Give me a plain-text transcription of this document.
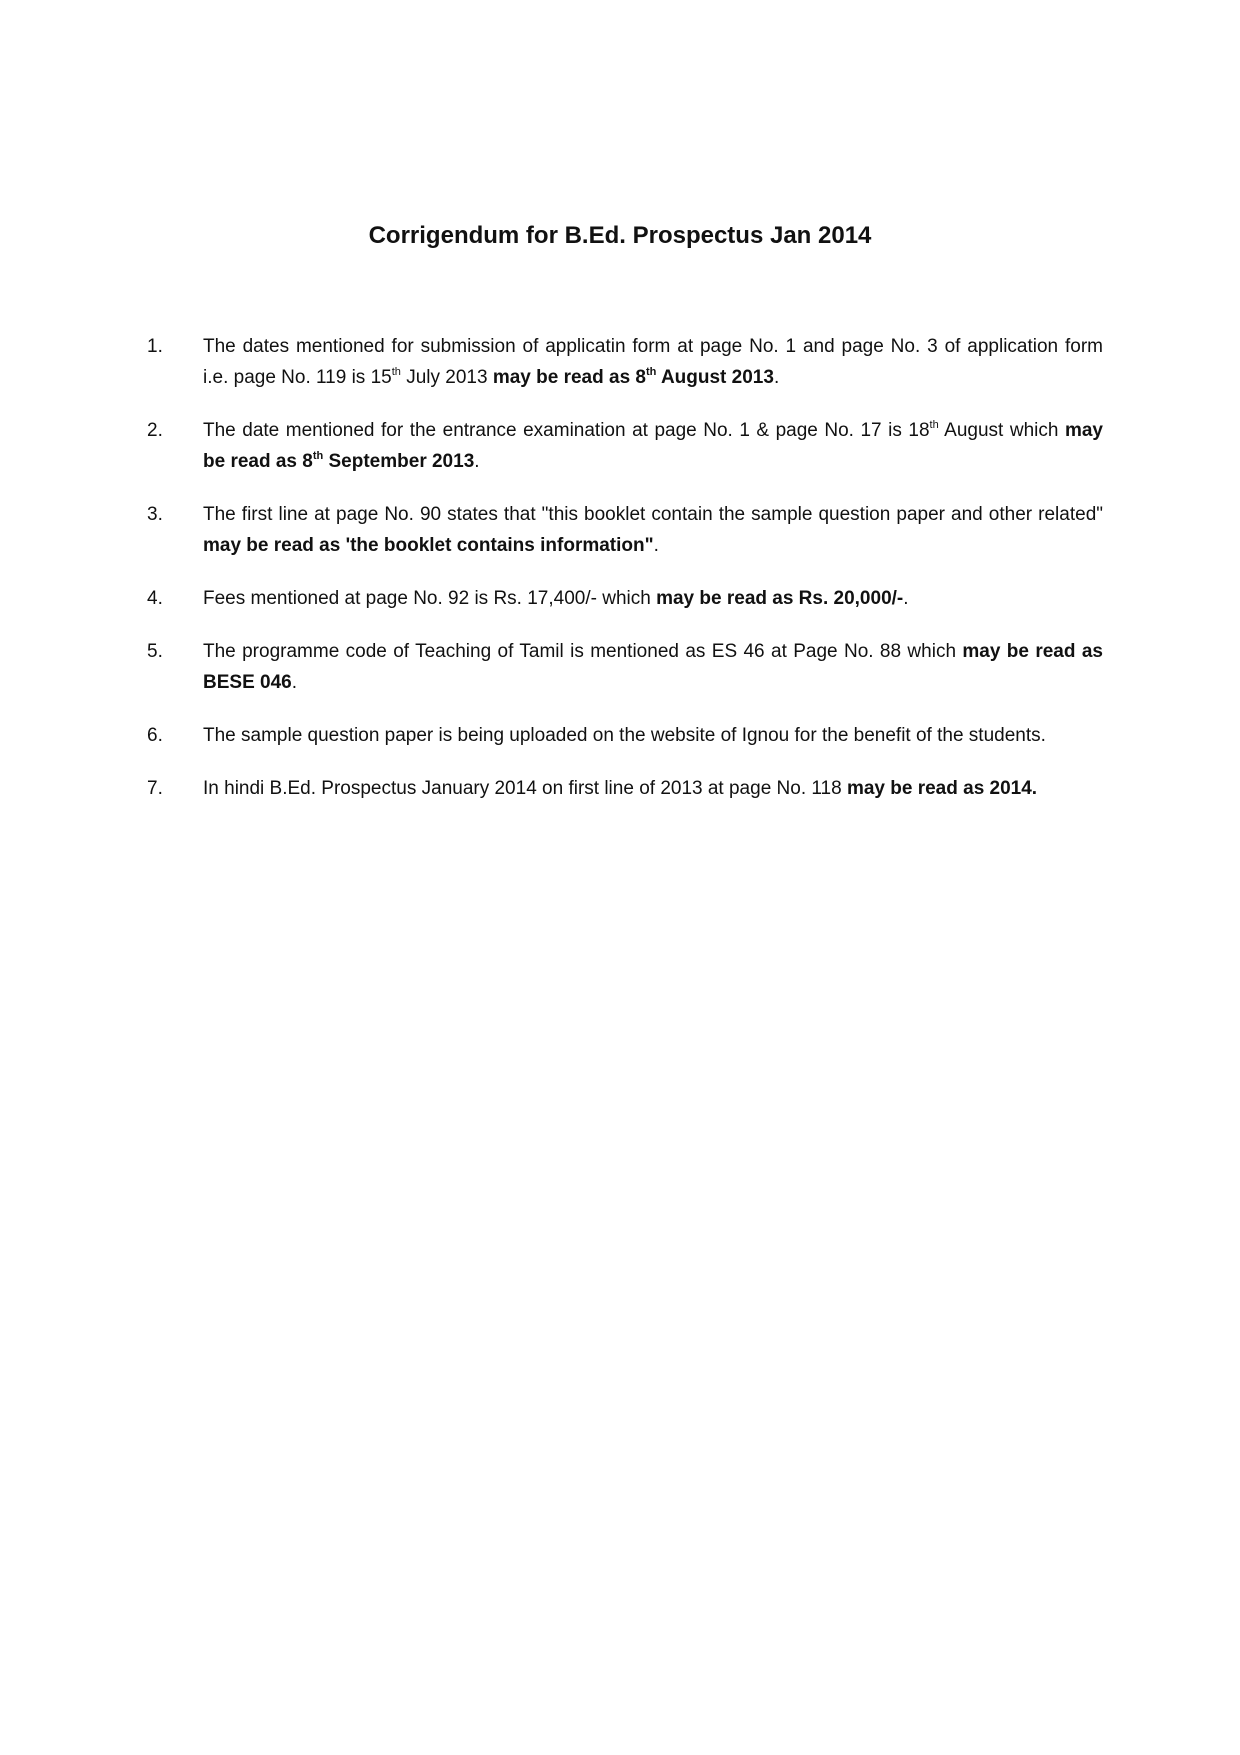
Corrigendum for B.Ed. Prospectus Jan 2014
1.	The dates mentioned for submission of applicatin form at page No. 1 and page No. 3 of application form i.e. page No. 119 is 15th July 2013 may be read as 8th August 2013.
2.	The date mentioned for the entrance examination at page No. 1 & page No. 17 is 18th August which may be read as 8th September 2013.
3.	The first line at page No. 90 states that "this booklet contain the sample question paper and other related" may be read as 'the booklet contains information".
4.	Fees mentioned at page No. 92 is Rs. 17,400/- which may be read as Rs. 20,000/-.
5.	The programme code of Teaching of Tamil is mentioned as ES 46 at Page No. 88 which may be read as BESE 046.
6.	The sample question paper is being uploaded on the website of Ignou for the benefit of the students.
7.	In hindi B.Ed. Prospectus January 2014 on first line of 2013 at page No. 118 may be read as 2014.
